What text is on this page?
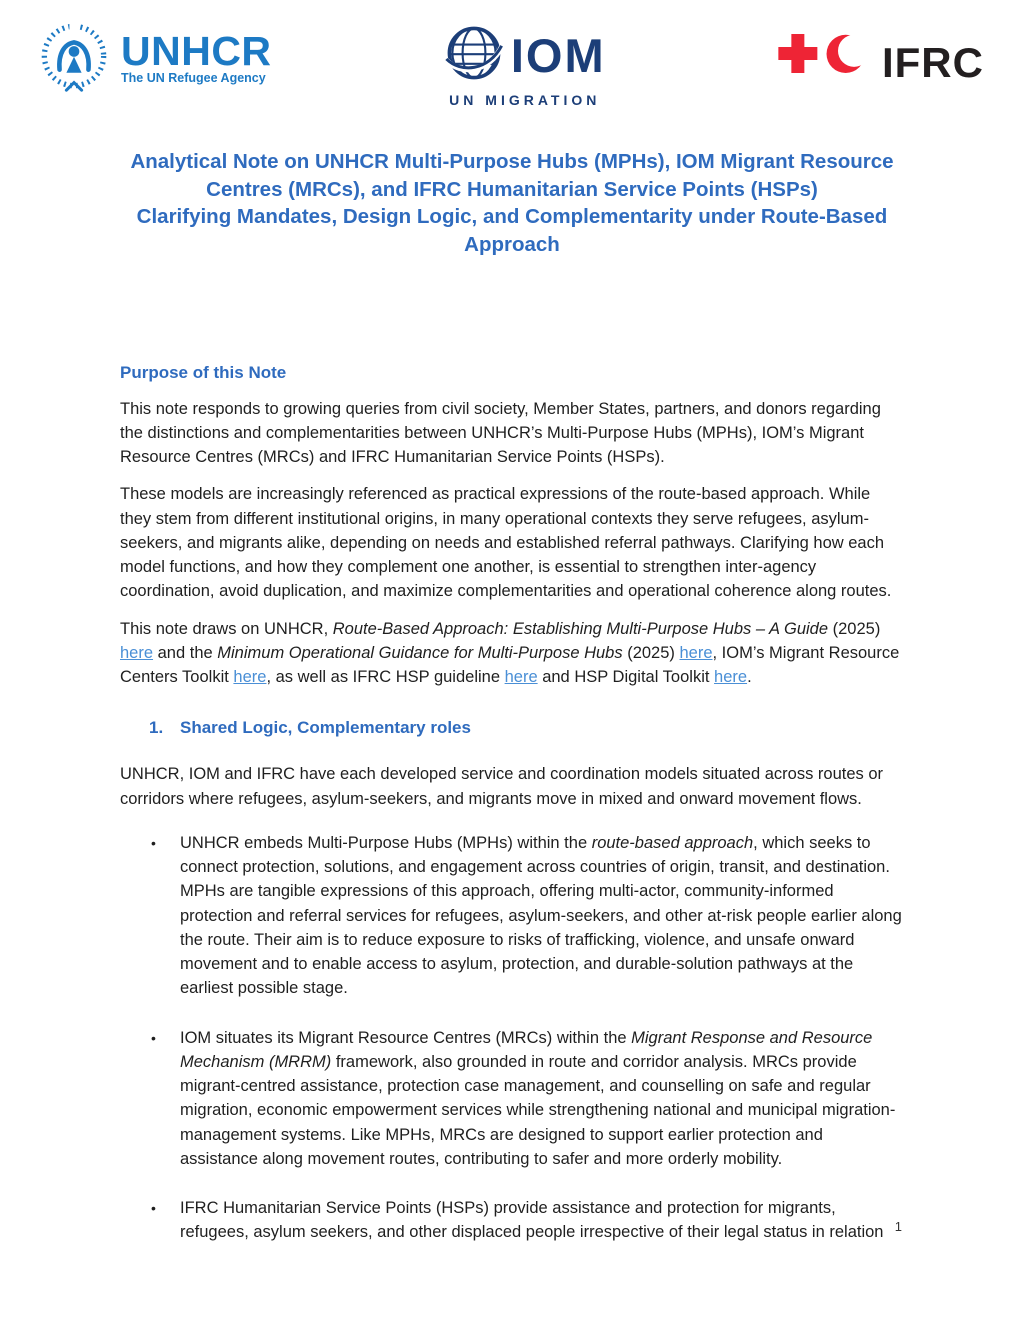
UNHCR
The UN Refugee Agency	IOM
UN MIGRATION
IFRC
Analytical Note on UNHCR Multi-Purpose Hubs (MPHs), IOM Migrant Resource Centres (MRCs), and IFRC Humanitarian Service Points (HSPs)
Clarifying Mandates, Design Logic, and Complementarity under Route-Based Approach
Purpose of this Note

This note responds to growing queries from civil society, Member States, partners, and donors regarding the distinctions and complementarities between UNHCR’s Multi-Purpose Hubs (MPHs), IOM’s Migrant Resource Centres (MRCs) and IFRC Humanitarian Service Points (HSPs).

These models are increasingly referenced as practical expressions of the route-based approach. While they stem from different institutional origins, in many operational contexts they serve refugees, asylum-seekers, and migrants alike, depending on needs and established referral pathways. Clarifying how each model functions, and how they complement one another, is essential to strengthen inter-agency coordination, avoid duplication, and maximize complementarities and operational coherence along routes.

This note draws on UNHCR, Route-Based Approach: Establishing Multi-Purpose Hubs – A Guide (2025) here and the Minimum Operational Guidance for Multi-Purpose Hubs (2025) here, IOM’s Migrant Resource Centers Toolkit here, as well as IFRC HSP guideline here and HSP Digital Toolkit here.

1. Shared Logic, Complementary roles

UNHCR, IOM and IFRC have each developed service and coordination models situated across routes or corridors where refugees, asylum-seekers, and migrants move in mixed and onward movement flows.

•	UNHCR embeds Multi-Purpose Hubs (MPHs) within the route-based approach, which seeks to connect protection, solutions, and engagement across countries of origin, transit, and destination. MPHs are tangible expressions of this approach, offering multi-actor, community-informed protection and referral services for refugees, asylum-seekers, and other at-risk people earlier along the route. Their aim is to reduce exposure to risks of trafficking, violence, and unsafe onward movement and to enable access to asylum, protection, and durable-solution pathways at the earliest possible stage.
•	IOM situates its Migrant Resource Centres (MRCs) within the Migrant Response and Resource Mechanism (MRRM) framework, also grounded in route and corridor analysis. MRCs provide migrant-centred assistance, protection case management, and counselling on safe and regular migration, economic empowerment services while strengthening national and municipal migration-management systems. Like MPHs, MRCs are designed to support earlier protection and assistance along movement routes, contributing to safer and more orderly mobility.
•	IFRC Humanitarian Service Points (HSPs) provide assistance and protection for migrants, refugees, asylum seekers, and other displaced people irrespective of their legal status in relation 1
